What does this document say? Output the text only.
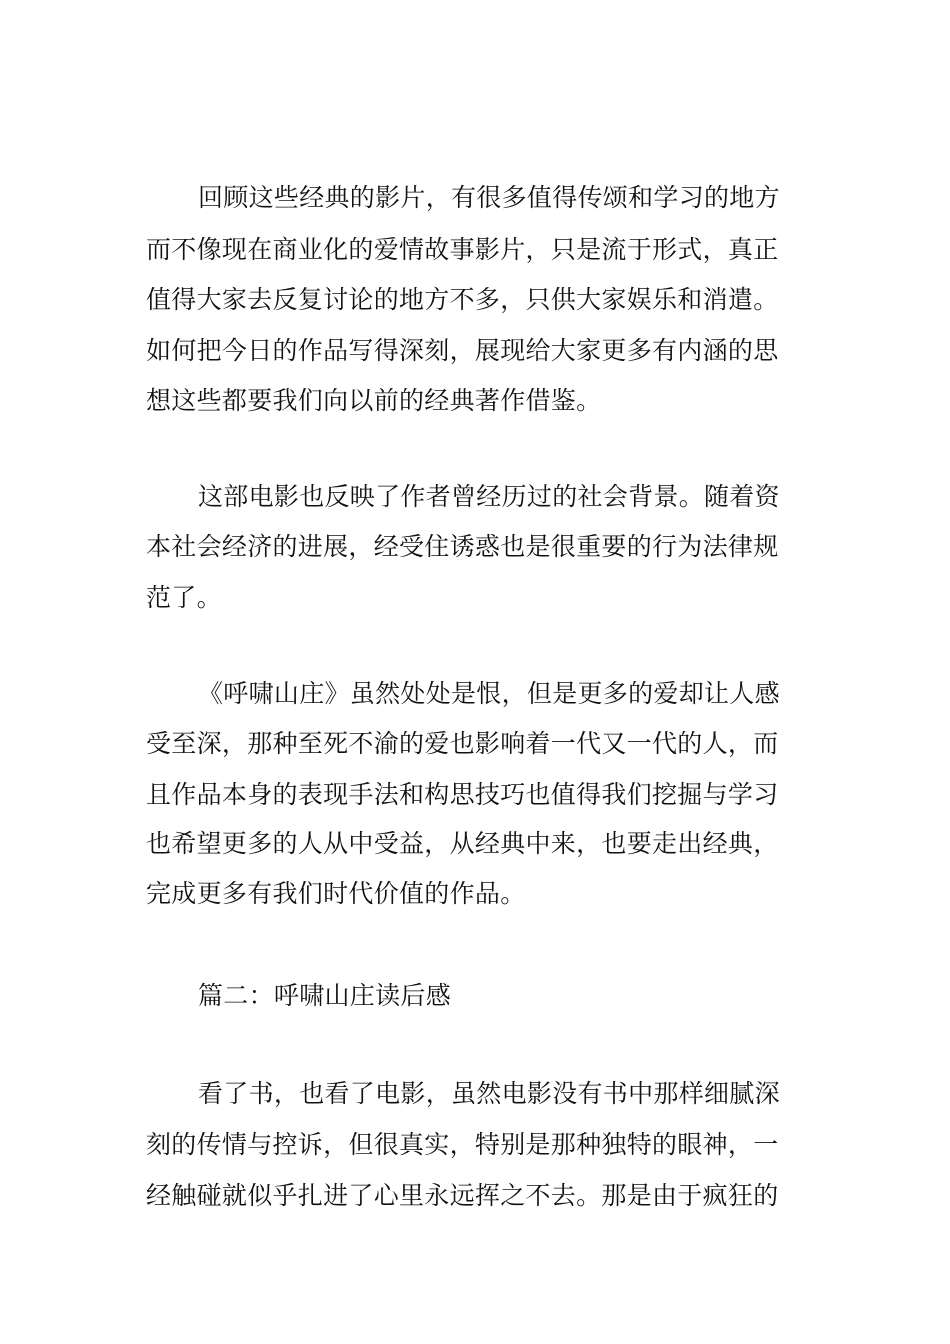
回顾这些经典的影片，有很多值得传颂和学习的地方
而不像现在商业化的爱情故事影片，只是流于形式，真正
值得大家去反复讨论的地方不多，只供大家娱乐和消遣。
如何把今日的作品写得深刻，展现给大家更多有内涵的思
想这些都要我们向以前的经典著作借鉴。
这部电影也反映了作者曾经历过的社会背景。随着资
本社会经济的进展，经受住诱惑也是很重要的行为法律规
范了。
《呼啸山庄》虽然处处是恨，但是更多的爱却让人感
受至深，那种至死不渝的爱也影响着一代又一代的人，而
且作品本身的表现手法和构思技巧也值得我们挖掘与学习
也希望更多的人从中受益，从经典中来，也要走出经典，
完成更多有我们时代价值的作品。
篇二：呼啸山庄读后感
看了书，也看了电影，虽然电影没有书中那样细腻深
刻的传情与控诉，但很真实，特别是那种独特的眼神，一
经触碰就似乎扎进了心里永远挥之不去。那是由于疯狂的
